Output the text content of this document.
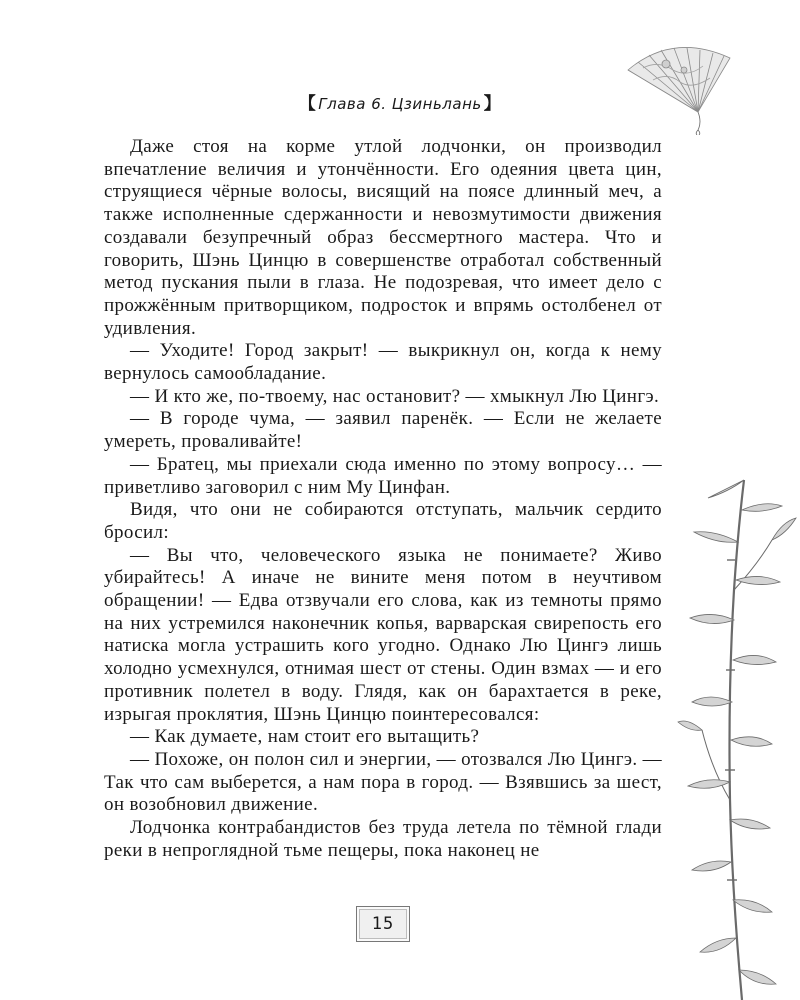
【 Глава 6. Цзиньлань 】

Даже стоя на корме утлой лодчонки, он производил впечатление величия и утончённости. Его одеяния цвета цин, струящиеся чёрные волосы, висящий на поясе длинный меч, а также исполненные сдержанности и невозмутимости движения создавали безупречный образ бессмертного мастера. Что и говорить, Шэнь Цинцю в совершенстве отработал собственный метод пускания пыли в глаза. Не подозревая, что имеет дело с прожжённым притворщиком, подросток и впрямь остолбенел от удивления.

— Уходите! Город закрыт! — выкрикнул он, когда к нему вернулось самообладание.

— И кто же, по-твоему, нас остановит? — хмыкнул Лю Цингэ.

— В городе чума, — заявил паренёк. — Если не желаете умереть, проваливайте!

— Братец, мы приехали сюда именно по этому вопросу… — приветливо заговорил с ним Му Цинфан.

Видя, что они не собираются отступать, мальчик сердито бросил:

— Вы что, человеческого языка не понимаете? Живо убирайтесь! А иначе не вините меня потом в неучтивом обращении! — Едва отзвучали его слова, как из темноты прямо на них устремился наконечник копья, варварская свирепость его натиска могла устрашить кого угодно. Однако Лю Цингэ лишь холодно усмехнулся, отнимая шест от стены. Один взмах — и его противник полетел в воду. Глядя, как он барахтается в реке, изрыгая проклятия, Шэнь Цинцю поинтересовался:

— Как думаете, нам стоит его вытащить?

— Похоже, он полон сил и энергии, — отозвался Лю Цингэ. — Так что сам выберется, а нам пора в город. — Взявшись за шест, он возобновил движение.

Лодчонка контрабандистов без труда летела по тёмной глади реки в непроглядной тьме пещеры, пока наконец не

15
